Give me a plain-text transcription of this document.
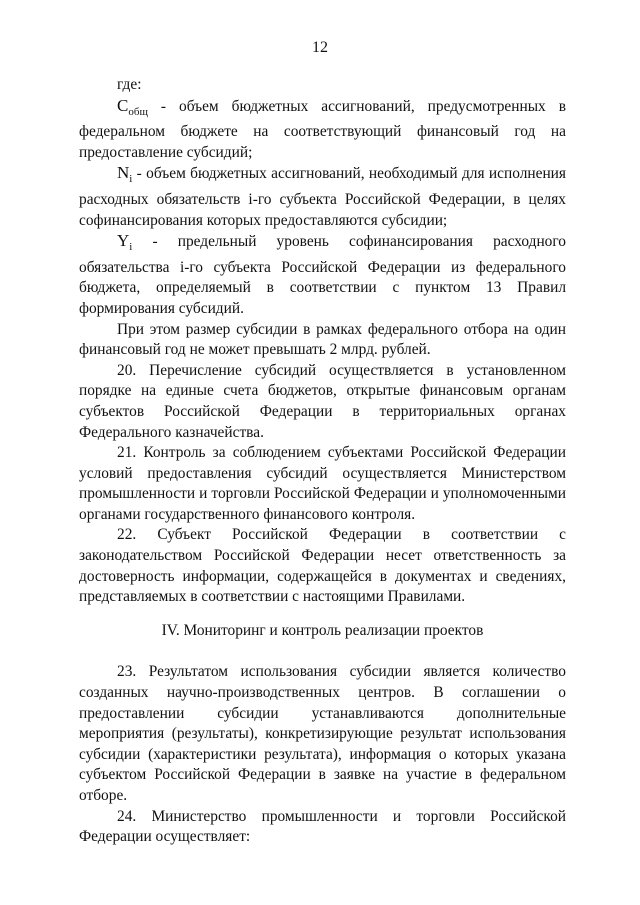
12

где:

$C_{общ}$ - объем бюджетных ассигнований, предусмотренных в федеральном бюджете на соответствующий финансовый год на предоставление субсидий;

$N_i$ - объем бюджетных ассигнований, необходимый для исполнения расходных обязательств i-го субъекта Российской Федерации, в целях софинансирования которых предоставляются субсидии;

$Y_i$ - предельный уровень софинансирования расходного обязательства i-го субъекта Российской Федерации из федерального бюджета, определяемый в соответствии с пунктом 13 Правил формирования субсидий.

При этом размер субсидии в рамках федерального отбора на один финансовый год не может превышать 2 млрд. рублей.

20. Перечисление субсидий осуществляется в установленном порядке на единые счета бюджетов, открытые финансовым органам субъектов Российской Федерации в территориальных органах Федерального казначейства.

21. Контроль за соблюдением субъектами Российской Федерации условий предоставления субсидий осуществляется Министерством промышленности и торговли Российской Федерации и уполномоченными органами государственного финансового контроля.

22. Субъект Российской Федерации в соответствии с законодательством Российской Федерации несет ответственность за достоверность информации, содержащейся в документах и сведениях, представляемых в соответствии с настоящими Правилами.

IV. Мониторинг и контроль реализации проектов

23. Результатом использования субсидии является количество созданных научно-производственных центров. В соглашении о предоставлении субсидии устанавливаются дополнительные мероприятия (результаты), конкретизирующие результат использования субсидии (характеристики результата), информация о которых указана субъектом Российской Федерации в заявке на участие в федеральном отборе.

24. Министерство промышленности и торговли Российской Федерации осуществляет:
